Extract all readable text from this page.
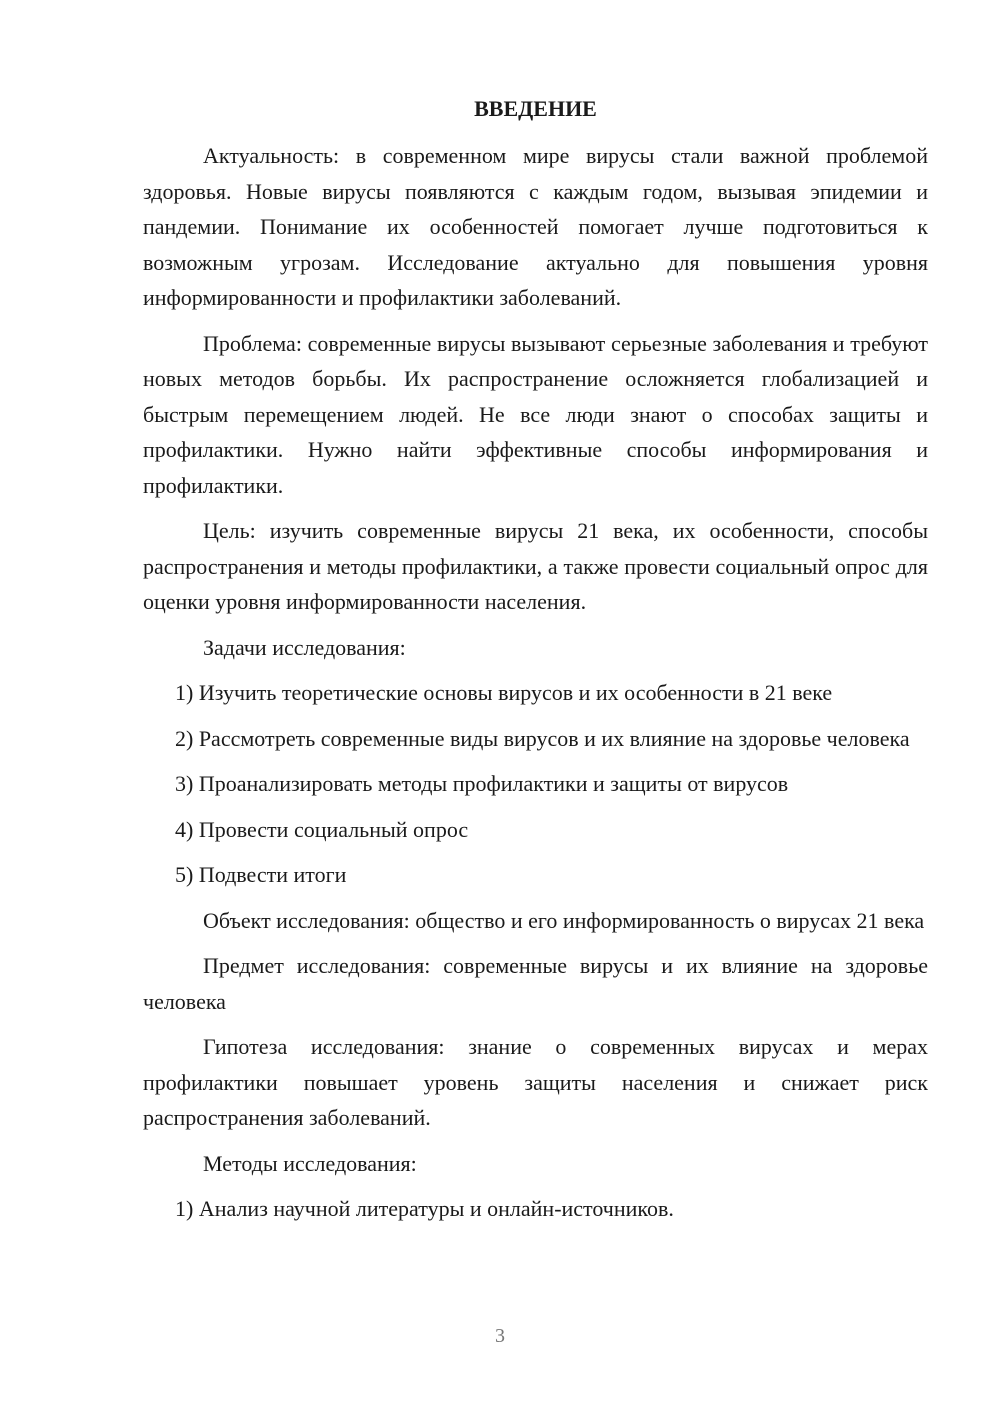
ВВЕДЕНИЕ

Актуальность: в современном мире вирусы стали важной проблемой здоровья. Новые вирусы появляются с каждым годом, вызывая эпидемии и пандемии. Понимание их особенностей помогает лучше подготовиться к возможным угрозам. Исследование актуально для повышения уровня информированности и профилактики заболеваний.

Проблема: современные вирусы вызывают серьезные заболевания и требуют новых методов борьбы. Их распространение осложняется глобализацией и быстрым перемещением людей. Не все люди знают о способах защиты и профилактики. Нужно найти эффективные способы информирования и профилактики.

Цель: изучить современные вирусы 21 века, их особенности, способы распространения и методы профилактики, а также провести социальный опрос для оценки уровня информированности населения.

Задачи исследования:

1) Изучить теоретические основы вирусов и их особенности в 21 веке

2) Рассмотреть современные виды вирусов и их влияние на здоровье человека

3) Проанализировать методы профилактики и защиты от вирусов

4) Провести социальный опрос

5) Подвести итоги

Объект исследования: общество и его информированность о вирусах 21 века

Предмет исследования: современные вирусы и их влияние на здоровье человека

Гипотеза исследования: знание о современных вирусах и мерах профилактики повышает уровень защиты населения и снижает риск распространения заболеваний.

Методы исследования:

1) Анализ научной литературы и онлайн-источников.

3
